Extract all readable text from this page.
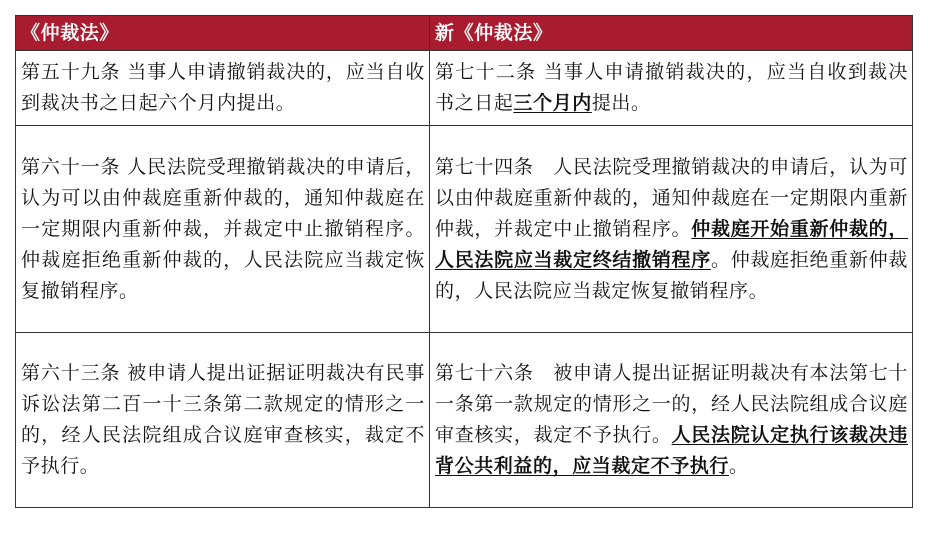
《仲裁法》	新《仲裁法》
第五十九条 当事人申请撤销裁决的，应当自收到裁决书之日起六个月内提出。	第七十二条 当事人申请撤销裁决的，应当自收到裁决书之日起三个月内提出。
第六十一条 人民法院受理撤销裁决的申请后，认为可以由仲裁庭重新仲裁的，通知仲裁庭在一定期限内重新仲裁，并裁定中止撤销程序。仲裁庭拒绝重新仲裁的，人民法院应当裁定恢复撤销程序。	第七十四条　人民法院受理撤销裁决的申请后，认为可以由仲裁庭重新仲裁的，通知仲裁庭在一定期限内重新仲裁，并裁定中止撤销程序。仲裁庭开始重新仲裁的，人民法院应当裁定终结撤销程序。仲裁庭拒绝重新仲裁的，人民法院应当裁定恢复撤销程序。
第六十三条 被申请人提出证据证明裁决有民事诉讼法第二百一十三条第二款规定的情形之一的，经人民法院组成合议庭审查核实，裁定不予执行。	第七十六条　被申请人提出证据证明裁决有本法第七十一条第一款规定的情形之一的，经人民法院组成合议庭审查核实，裁定不予执行。人民法院认定执行该裁决违背公共利益的，应当裁定不予执行。
